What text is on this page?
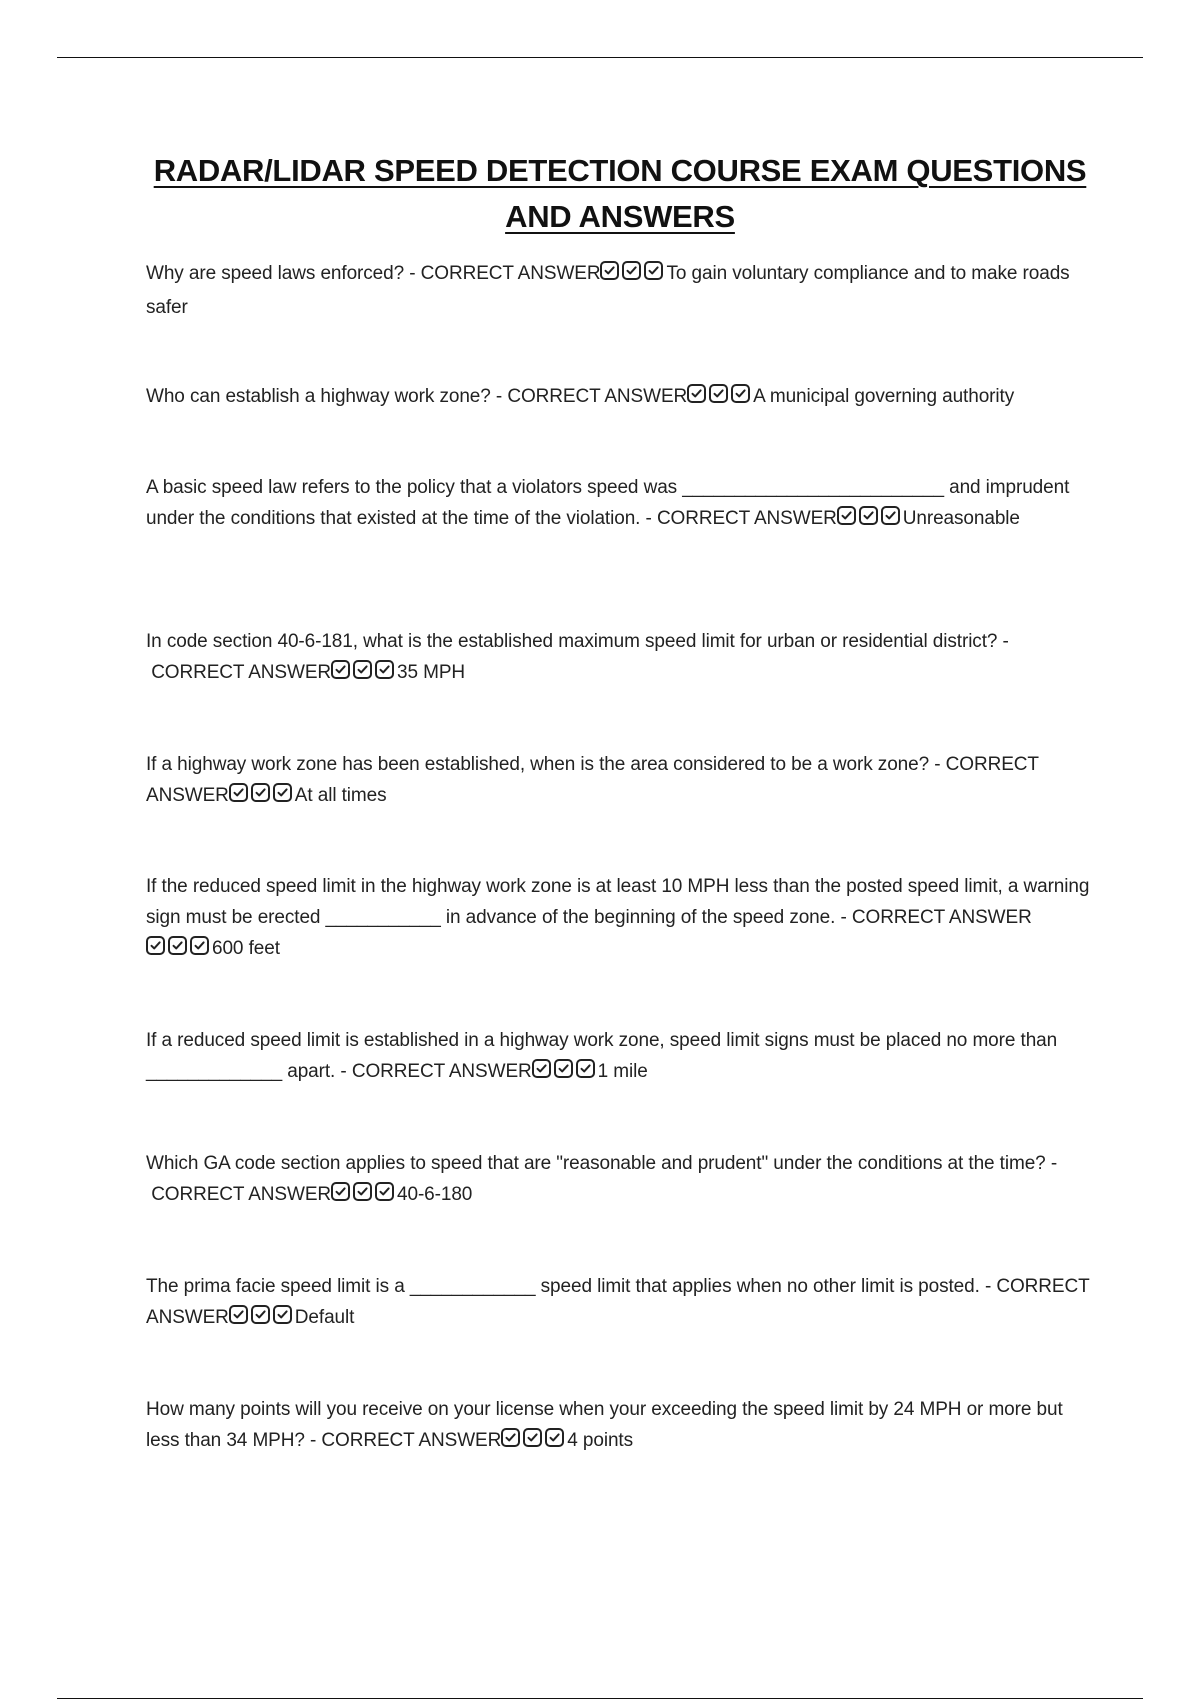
RADAR/LIDAR SPEED DETECTION COURSE EXAM QUESTIONS AND ANSWERS
Why are speed laws enforced? - CORRECT ANSWER	To gain voluntary compliance and to make roads safer
Who can establish a highway work zone? - CORRECT ANSWER	A municipal governing authority
A basic speed law refers to the policy that a violators speed was _________________________ and imprudent under the conditions that existed at the time of the violation. - CORRECT ANSWER	Unreasonable
In code section 40-6-181, what is the established maximum speed limit for urban or residential district? - CORRECT ANSWER	35 MPH
If a highway work zone has been established, when is the area considered to be a work zone? - CORRECT ANSWER	At all times
If the reduced speed limit in the highway work zone is at least 10 MPH less than the posted speed limit, a warning sign must be erected ___________ in advance of the beginning of the speed zone. - CORRECT ANSWER
600 feet
If a reduced speed limit is established in a highway work zone, speed limit signs must be placed no more than _____________ apart. - CORRECT ANSWER	1 mile
Which GA code section applies to speed that are "reasonable and prudent" under the conditions at the time? - CORRECT ANSWER	40-6-180
The prima facie speed limit is a ____________ speed limit that applies when no other limit is posted. - CORRECT ANSWER	Default
How many points will you receive on your license when your exceeding the speed limit by 24 MPH or more but less than 34 MPH? - CORRECT ANSWER	4 points
